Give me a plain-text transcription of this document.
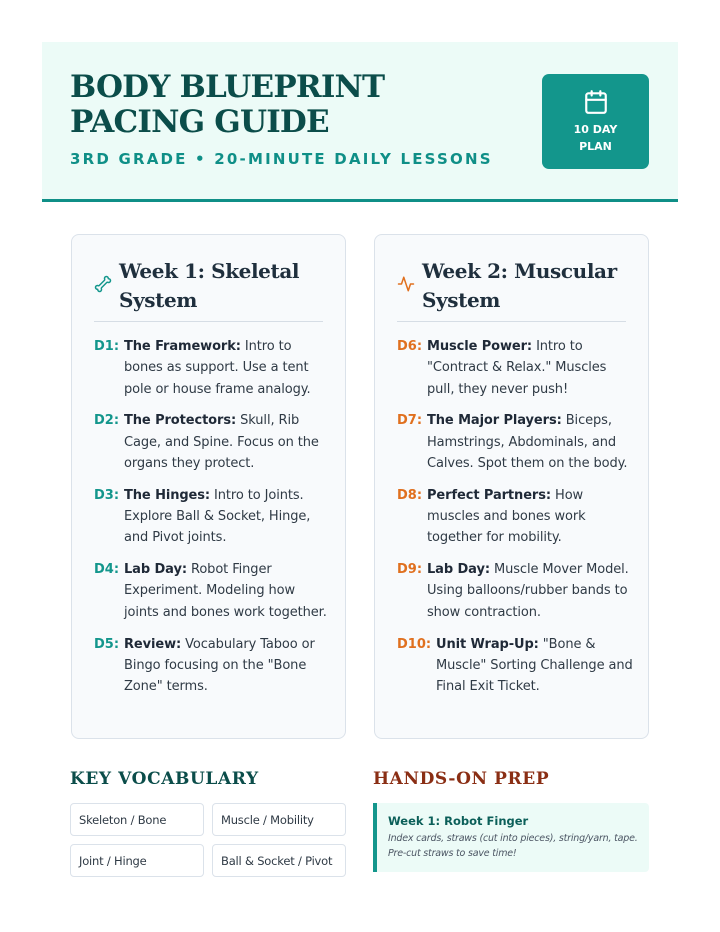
BODY BLUEPRINT PACING GUIDE
3RD GRADE • 20-MINUTE DAILY LESSONS
10 DAY PLAN
Week 1: Skeletal System
D1: The Framework: Intro to bones as support. Use a tent pole or house frame analogy.
D2: The Protectors: Skull, Rib Cage, and Spine. Focus on the organs they protect.
D3: The Hinges: Intro to Joints. Explore Ball & Socket, Hinge, and Pivot joints.
D4: Lab Day: Robot Finger Experiment. Modeling how joints and bones work together.
D5: Review: Vocabulary Taboo or Bingo focusing on the "Bone Zone" terms.
Week 2: Muscular System
D6: Muscle Power: Intro to "Contract & Relax." Muscles pull, they never push!
D7: The Major Players: Biceps, Hamstrings, Abdominals, and Calves. Spot them on the body.
D8: Perfect Partners: How muscles and bones work together for mobility.
D9: Lab Day: Muscle Mover Model. Using balloons/rubber bands to show contraction.
D10: Unit Wrap-Up: "Bone & Muscle" Sorting Challenge and Final Exit Ticket.
KEY VOCABULARY
Skeleton / Bone	Muscle / Mobility
Joint / Hinge	Ball & Socket / Pivot
HANDS-ON PREP
Week 1: Robot Finger
Index cards, straws (cut into pieces), string/yarn, tape. Pre-cut straws to save time!
